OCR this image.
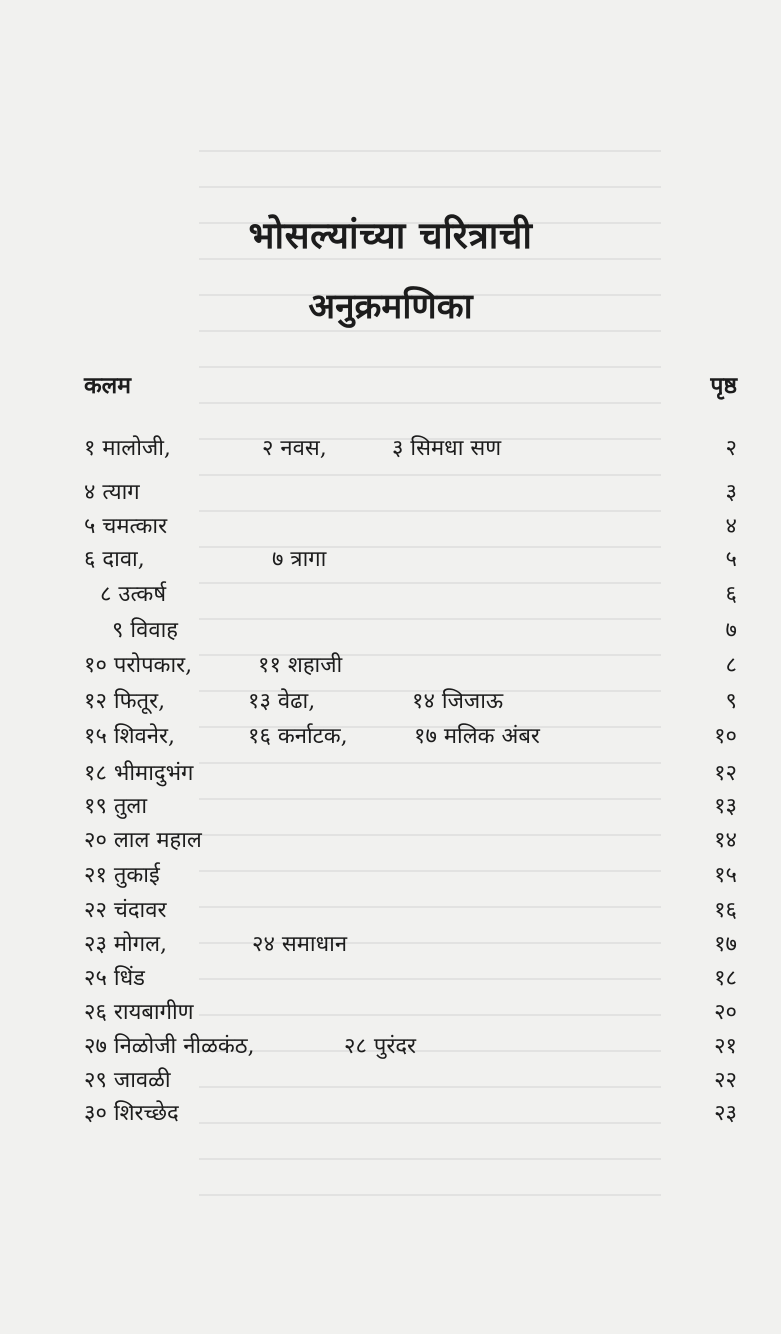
भोसल्यांच्या चरित्राची
अनुक्रमणिका
कलम	पृष्ठ
१ मालोजी,	२ नवस,	३ सिमधा सण	२
४ त्याग	३
५ चमत्कार	४
६ दावा,	७ त्रागा	५
८ उत्कर्ष	६
९ विवाह	७
१० परोपकार,	११ शहाजी	८
१२ फितूर,	१३ वेढा,	१४ जिजाऊ	९
१५ शिवनेर,	१६ कर्नाटक,	१७ मलिक अंबर	१०
१८ भीमादुभंग	१२
१९ तुला	१३
२० लाल महाल	१४
२१ तुकाई	१५
२२ चंदावर	१६
२३ मोगल,	२४ समाधान	१७
२५ धिंड	१८
२६ रायबागीण	२०
२७ निळोजी नीळकंठ,	२८ पुरंदर	२१
२९ जावळी	२२
३० शिरच्छेद	२३
